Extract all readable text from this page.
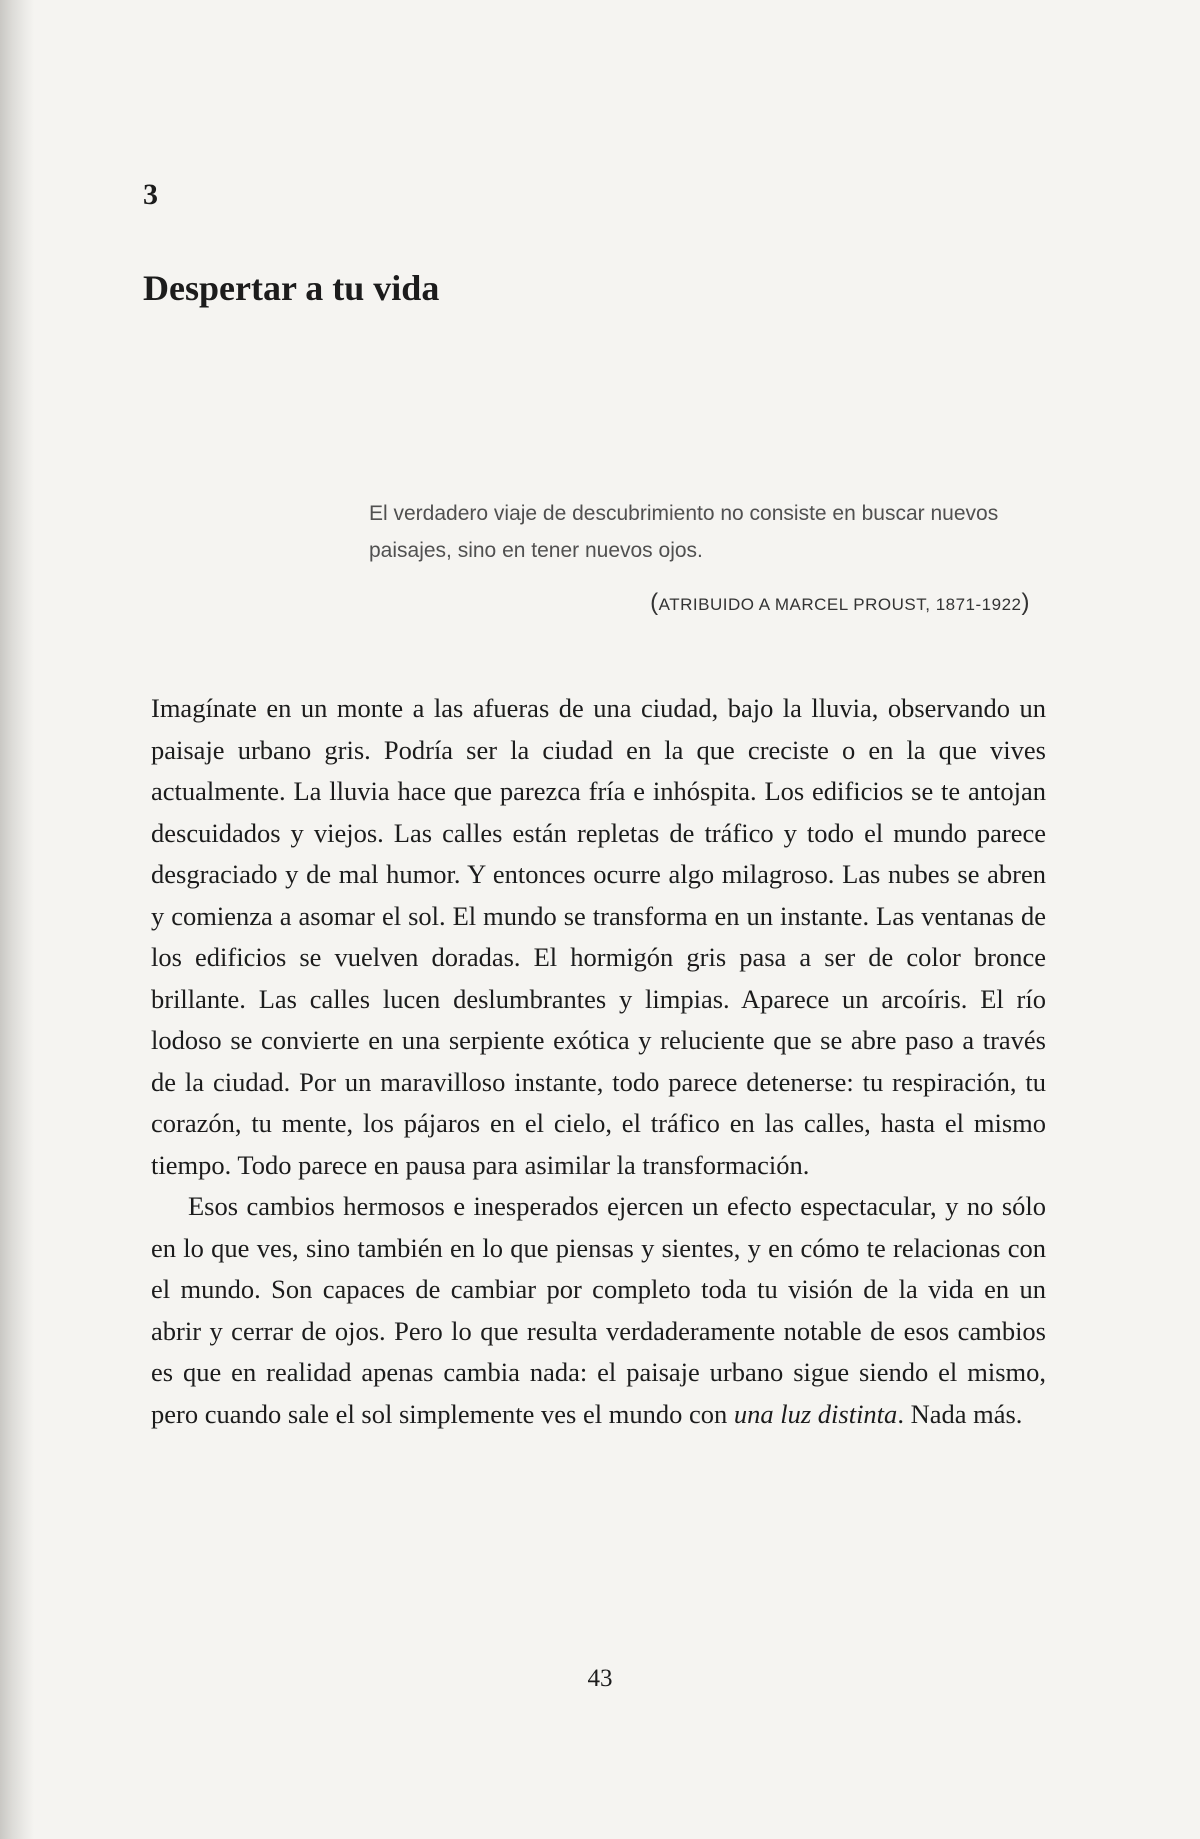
3
Despertar a tu vida

El verdadero viaje de descubrimiento no consiste en buscar nuevos paisajes, sino en tener nuevos ojos.

(ATRIBUIDO A MARCEL PROUST, 1871-1922)

Imagínate en un monte a las afueras de una ciudad, bajo la lluvia, observando un paisaje urbano gris. Podría ser la ciudad en la que creciste o en la que vives actualmente. La lluvia hace que parezca fría e inhóspita. Los edificios se te antojan descuidados y viejos. Las calles están repletas de tráfico y todo el mundo parece desgraciado y de mal humor. Y entonces ocurre algo milagroso. Las nubes se abren y comienza a asomar el sol. El mundo se transforma en un instante. Las ventanas de los edificios se vuelven doradas. El hormigón gris pasa a ser de color bronce brillante. Las calles lucen deslumbrantes y limpias. Aparece un arcoíris. El río lodoso se convierte en una serpiente exótica y reluciente que se abre paso a través de la ciudad. Por un maravilloso instante, todo parece detenerse: tu respiración, tu corazón, tu mente, los pájaros en el cielo, el tráfico en las calles, hasta el mismo tiempo. Todo parece en pausa para asimilar la transformación.

Esos cambios hermosos e inesperados ejercen un efecto espectacular, y no sólo en lo que ves, sino también en lo que piensas y sientes, y en cómo te relacionas con el mundo. Son capaces de cambiar por completo toda tu visión de la vida en un abrir y cerrar de ojos. Pero lo que resulta verdaderamente notable de esos cambios es que en realidad apenas cambia nada: el paisaje urbano sigue siendo el mismo, pero cuando sale el sol simplemente ves el mundo con una luz distinta. Nada más.

43
